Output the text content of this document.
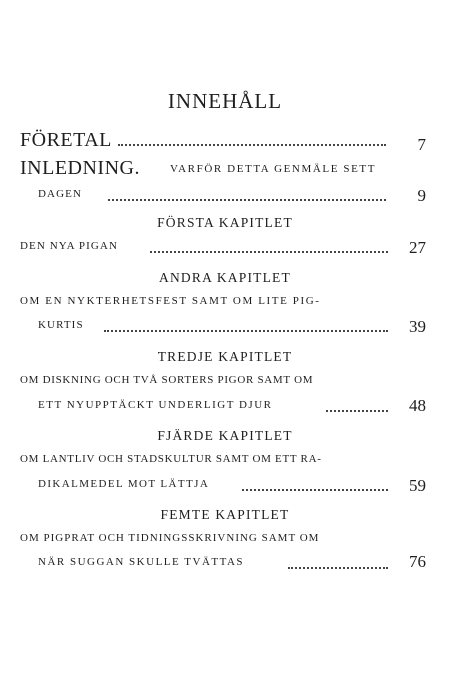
INNEHÅLL
FÖRETAL	7
INLEDNING.	VARFÖR DETTA GENMÄLE SETT
DAGEN	9
FÖRSTA KAPITLET
DEN NYA PIGAN	27
ANDRA KAPITLET
OM EN NYKTERHETSFEST SAMT OM LITE PIG-
KURTIS	39
TREDJE KAPITLET
OM DISKNING OCH TVÅ SORTERS PIGOR SAMT OM
ETT NYUPPTÄCKT UNDERLIGT DJUR	48
FJÄRDE KAPITLET
OM LANTLIV OCH STADSKULTUR SAMT OM ETT RA-
DIKALMEDEL MOT LÄTTJA	59
FEMTE KAPITLET
OM PIGPRAT OCH TIDNINGSSKRIVNING SAMT OM
NÄR SUGGAN SKULLE TVÄTTAS	76
